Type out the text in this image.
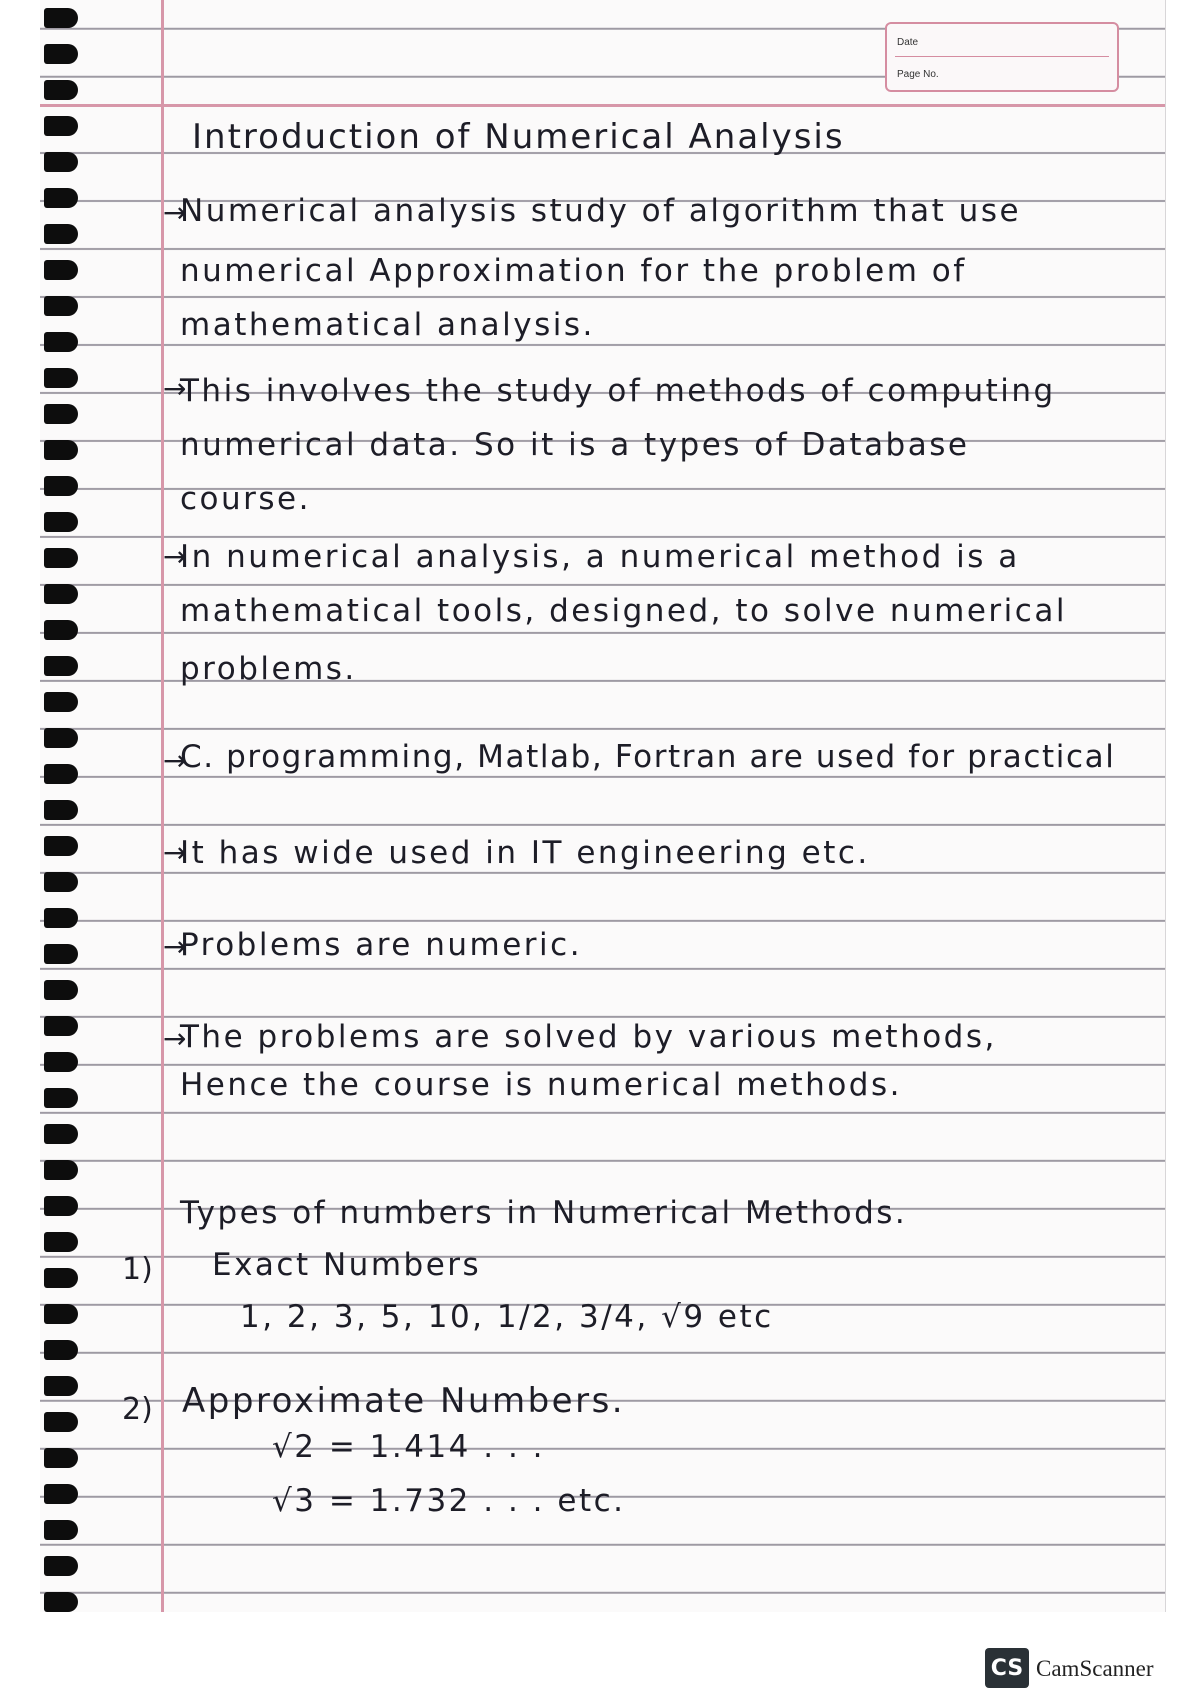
Date
Page No.
Introduction of Numerical Analysis
→
Numerical analysis study of algorithm that use
numerical Approximation for the problem of
mathematical analysis.
→
This involves the study of methods of computing
numerical data. So it is a types of Database
course.
→
In numerical analysis, a numerical method is a
mathematical tools, designed, to solve numerical
problems.
→
C. programming, Matlab, Fortran are used for practical
→
It has wide used in IT engineering etc.
→
Problems are numeric.
→
The problems are solved by various methods,
Hence the course is numerical methods.
Types of numbers in Numerical Methods.
1) Exact Numbers
1, 2, 3, 5, 10, 1/2, 3/4, √9 etc
2) Approximate Numbers.
√2 = 1.414 . . .
√3 = 1.732 . . . etc.
CS CamScanner
